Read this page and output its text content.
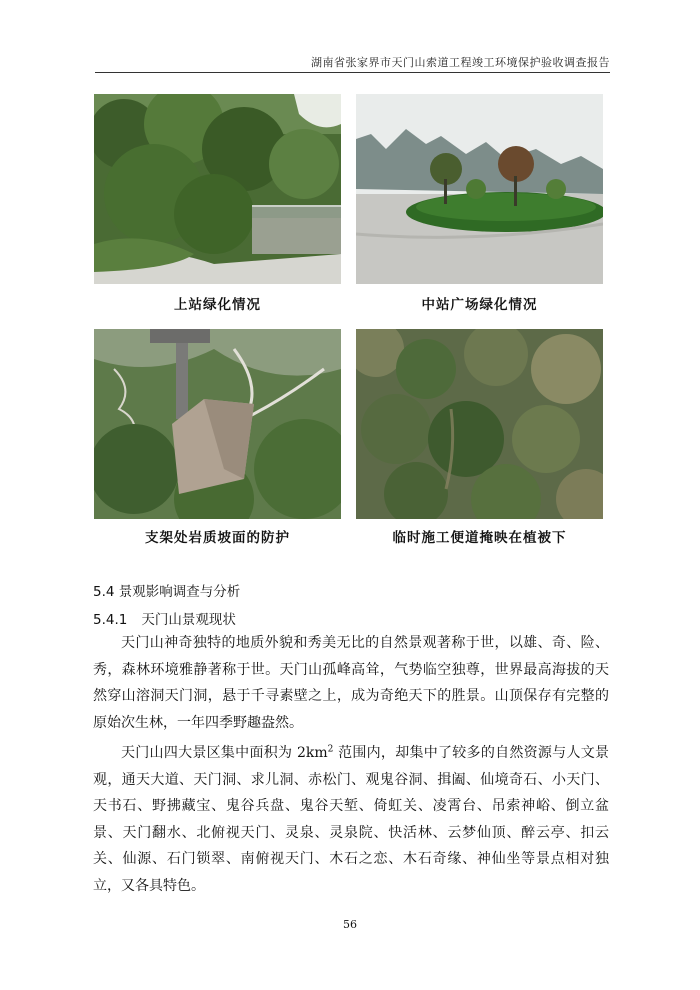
湖南省张家界市天门山索道工程竣工环境保护验收调查报告
上站绿化情况	中站广场绿化情况
支架处岩质坡面的防护	临时施工便道掩映在植被下
5.4 景观影响调查与分析
5.4.1 天门山景观现状

天门山神奇独特的地质外貌和秀美无比的自然景观著称于世，以雄、奇、险、秀，森林环境雅静著称于世。天门山孤峰高耸，气势临空独尊，世界最高海拔的天然穿山溶洞天门洞，悬于千寻素壁之上，成为奇绝天下的胜景。山顶保存有完整的原始次生林，一年四季野趣盎然。

天门山四大景区集中面积为 $2km^2$ 范围内，却集中了较多的自然资源与人文景观，通天大道、天门洞、求儿洞、赤松门、观鬼谷洞、揖阖、仙境奇石、小天门、天书石、野拂藏宝、鬼谷兵盘、鬼谷天堑、倚虹关、凌霄台、吊索神峪、倒立盆景、天门翻水、北俯视天门、灵泉、灵泉院、快活林、云梦仙顶、醉云亭、扣云关、仙源、石门锁翠、南俯视天门、木石之恋、木石奇缘、神仙坐等景点相对独立，又各具特色。

56
